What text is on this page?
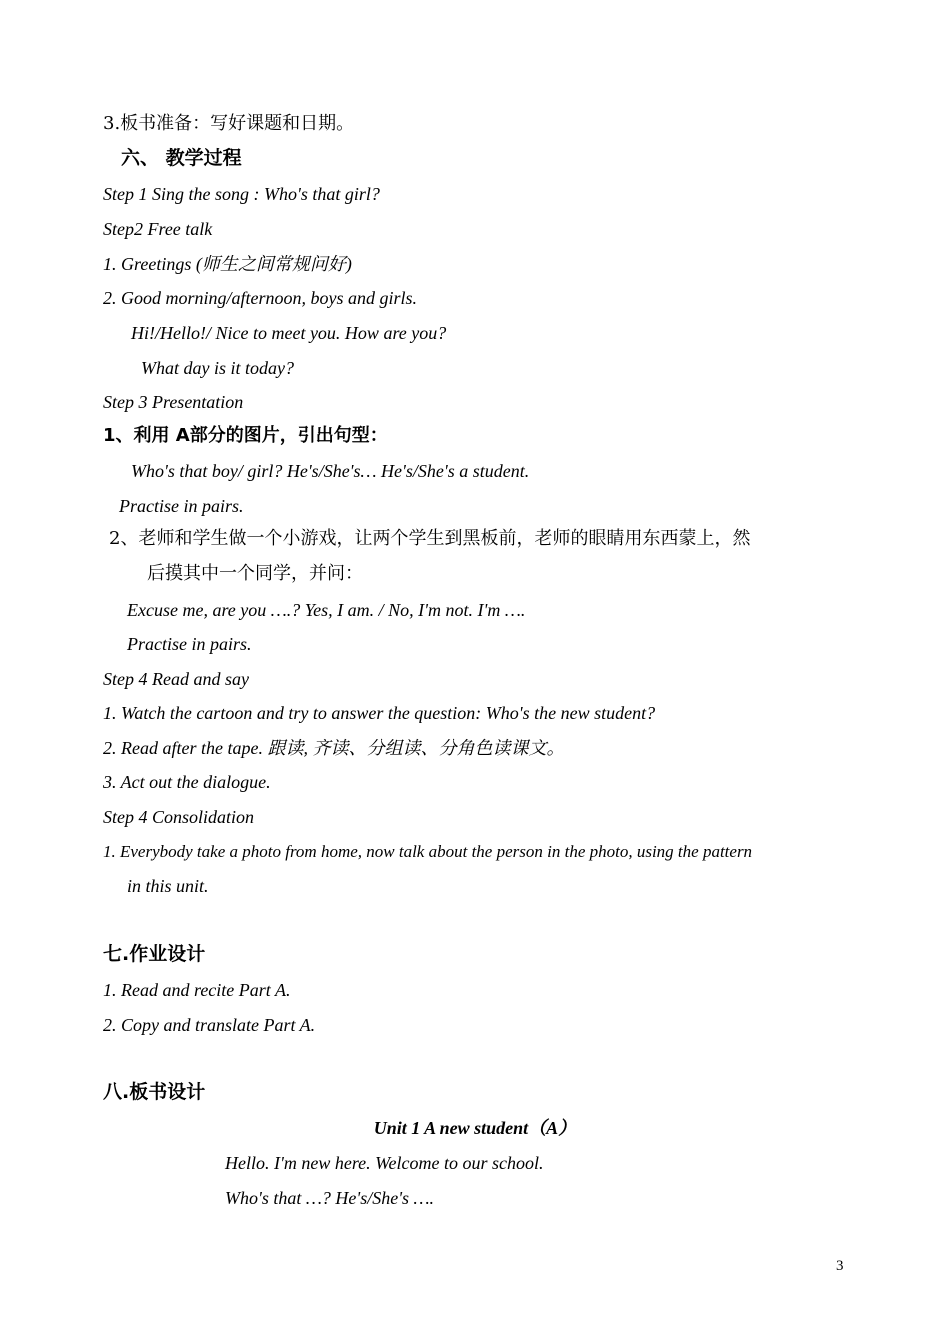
3.板书准备：写好课题和日期。
六、 教学过程
Step 1 Sing the song : Who's that girl?
Step2 Free talk
1. Greetings (师生之间常规问好)
2. Good morning/afternoon, boys and girls.
Hi!/Hello!/ Nice to meet you. How are you?
What day is it today?
Step 3 Presentation
1、利用 A部分的图片，引出句型：
Who's that boy/ girl? He's/She's… He's/She's a student.
Practise in pairs.
2、老师和学生做一个小游戏，让两个学生到黑板前，老师的眼睛用东西蒙上，然
后摸其中一个同学，并问：
Excuse me, are you ….? Yes, I am. / No, I'm not. I'm ….
Practise in pairs.
Step 4 Read and say
1. Watch the cartoon and try to answer the question: Who's the new student?
2. Read after the tape. 跟读, 齐读、分组读、分角色读课文。
3. Act out the dialogue.
Step 4 Consolidation
1. Everybody take a photo from home, now talk about the person in the photo, using the pattern
in this unit.
七.作业设计
1. Read and recite Part A.
2. Copy and translate Part A.
八.板书设计
Unit 1 A new student（A）
Hello. I'm new here. Welcome to our school.
Who's that …? He's/She's ….
3
